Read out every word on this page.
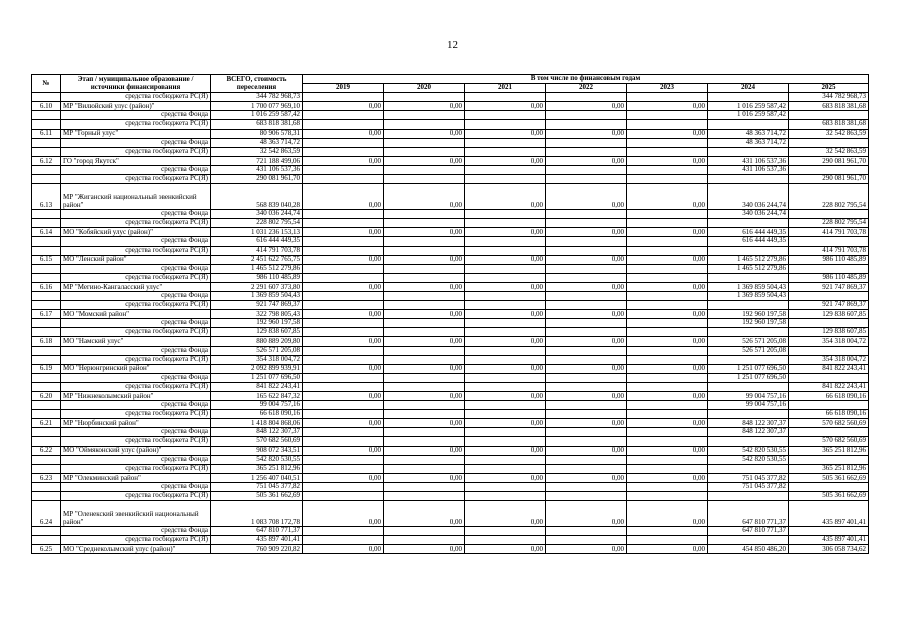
12
№	Этап / муниципальное образование / источники финансирования	ВСЕГО, стоимость переселения	В том числе по финансовым годам						
			2019	2020	2021	2022	2023	2024	2025
	средства госбюджета РС(Я)	344 782 968,73							344 782 968,73
6.10	МР "Вилюйский улус (район)"	1 700 077 969,10	0,00	0,00	0,00	0,00	0,00	1 016 259 587,42	683 818 381,68
	средства Фонда	1 016 259 587,42						1 016 259 587,42	
	средства госбюджета РС(Я)	683 818 381,68							683 818 381,68
6.11	МР "Горный улус"	80 906 578,31	0,00	0,00	0,00	0,00	0,00	48 363 714,72	32 542 863,59
	средства Фонда	48 363 714,72						48 363 714,72	
	средства госбюджета РС(Я)	32 542 863,59							32 542 863,59
6.12	ГО "город Якутск"	721 188 499,06	0,00	0,00	0,00	0,00	0,00	431 106 537,36	290 081 961,70
	средства Фонда	431 106 537,36						431 106 537,36	
	средства госбюджета РС(Я)	290 081 961,70							290 081 961,70
6.13	МР "Жиганский национальный эвенкийский район"	568 839 040,28	0,00	0,00	0,00	0,00	0,00	340 036 244,74	228 802 795,54
	средства Фонда	340 036 244,74						340 036 244,74	
	средства госбюджета РС(Я)	228 802 795,54							228 802 795,54
6.14	МО "Кобяйский улус (район)"	1 031 236 153,13	0,00	0,00	0,00	0,00	0,00	616 444 449,35	414 791 703,78
	средства Фонда	616 444 449,35						616 444 449,35	
	средства госбюджета РС(Я)	414 791 703,78							414 791 703,78
6.15	МО "Ленский район"	2 451 622 765,75	0,00	0,00	0,00	0,00	0,00	1 465 512 279,86	986 110 485,89
	средства Фонда	1 465 512 279,86						1 465 512 279,86	
	средства госбюджета РС(Я)	986 110 485,89							986 110 485,89
6.16	МР "Мегино-Кангаласский улус"	2 291 607 373,80	0,00	0,00	0,00	0,00	0,00	1 369 859 504,43	921 747 869,37
	средства Фонда	1 369 859 504,43						1 369 859 504,43	
	средства госбюджета РС(Я)	921 747 869,37							921 747 869,37
6.17	МО "Момский район"	322 798 805,43	0,00	0,00	0,00	0,00	0,00	192 960 197,58	129 838 607,85
	средства Фонда	192 960 197,58						192 960 197,58	
	средства госбюджета РС(Я)	129 838 607,85							129 838 607,85
6.18	МО "Намский улус"	880 889 209,80	0,00	0,00	0,00	0,00	0,00	526 571 205,08	354 318 004,72
	средства Фонда	526 571 205,08						526 571 205,08	
	средства госбюджета РС(Я)	354 318 004,72							354 318 004,72
6.19	МО "Нерюнгринский район"	2 092 899 939,91	0,00	0,00	0,00	0,00	0,00	1 251 077 696,50	841 822 243,41
	средства Фонда	1 251 077 696,50						1 251 077 696,50	
	средства госбюджета РС(Я)	841 822 243,41							841 822 243,41
6.20	МР "Нижнеколымский район"	165 622 847,32	0,00	0,00	0,00	0,00	0,00	99 004 757,16	66 618 090,16
	средства Фонда	99 004 757,16						99 004 757,16	
	средства госбюджета РС(Я)	66 618 090,16							66 618 090,16
6.21	МР "Нюрбинский район"	1 418 804 868,06	0,00	0,00	0,00	0,00	0,00	848 122 307,37	570 682 560,69
	средства Фонда	848 122 307,37						848 122 307,37	
	средства госбюджета РС(Я)	570 682 560,69							570 682 560,69
6.22	МО "Оймяконский улус (район)"	908 072 343,51	0,00	0,00	0,00	0,00	0,00	542 820 530,55	365 251 812,96
	средства Фонда	542 820 530,55						542 820 530,55	
	средства госбюджета РС(Я)	365 251 812,96							365 251 812,96
6.23	МР "Олекминский район"	1 256 407 040,51	0,00	0,00	0,00	0,00	0,00	751 045 377,82	505 361 662,69
	средства Фонда	751 045 377,82						751 045 377,82	
	средства госбюджета РС(Я)	505 361 662,69							505 361 662,69
6.24	МР "Оленекский эвенкийский национальный район"	1 083 708 172,78	0,00	0,00	0,00	0,00	0,00	647 810 771,37	435 897 401,41
	средства Фонда	647 810 771,37						647 810 771,37	
	средства госбюджета РС(Я)	435 897 401,41							435 897 401,41
6.25	МО "Среднеколымский улус (район)"	760 909 220,82	0,00	0,00	0,00	0,00	0,00	454 850 486,20	306 058 734,62
